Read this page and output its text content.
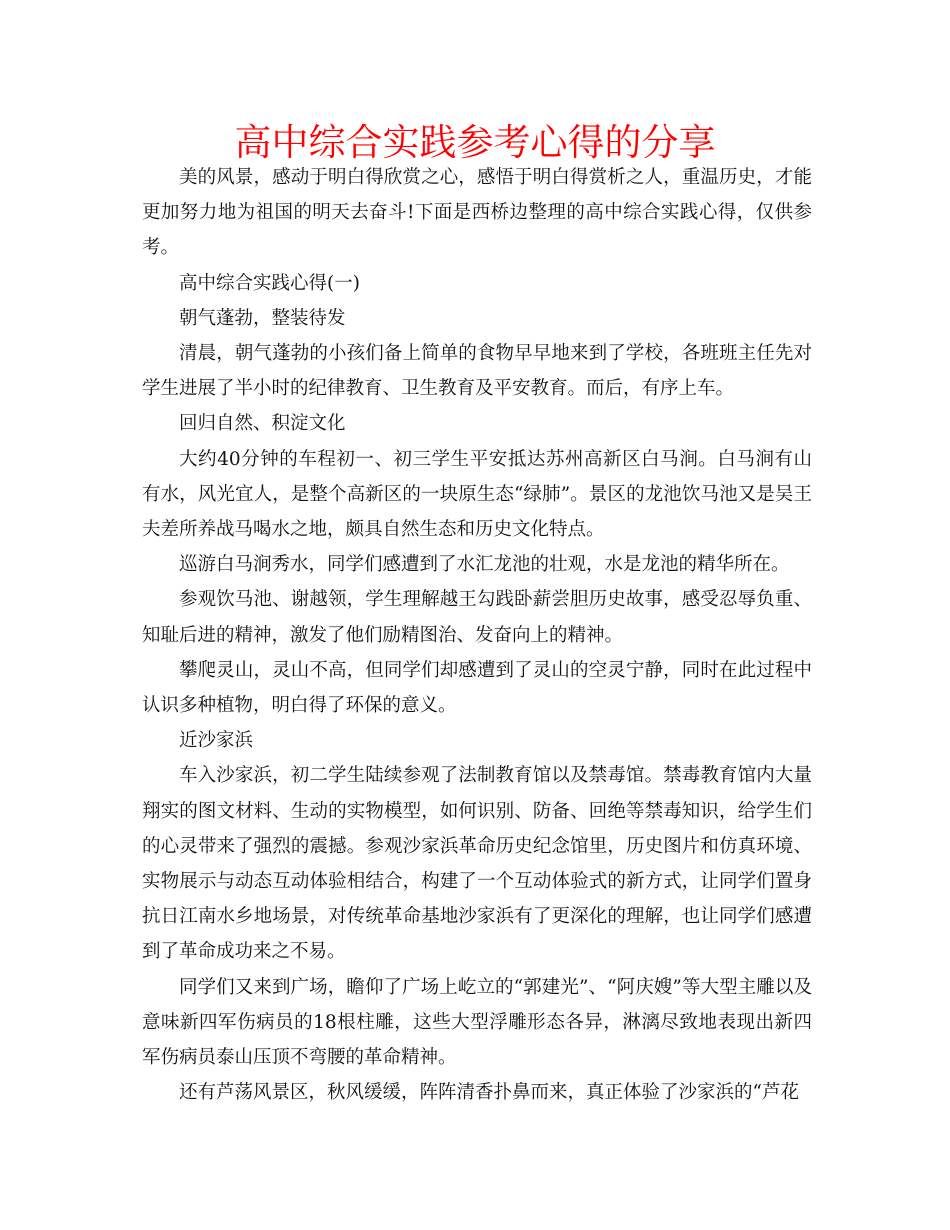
高中综合实践参考心得的分享

美的风景，感动于明白得欣赏之心，感悟于明白得赏析之人，重温历史，才能更加努力地为祖国的明天去奋斗!下面是西桥边整理的高中综合实践心得，仅供参考。

高中综合实践心得(一)

朝气蓬勃，整装待发

清晨，朝气蓬勃的小孩们备上简单的食物早早地来到了学校，各班班主任先对学生进展了半小时的纪律教育、卫生教育及平安教育。而后，有序上车。

回归自然、积淀文化

大约40分钟的车程初一、初三学生平安抵达苏州高新区白马涧。白马涧有山有水，风光宜人，是整个高新区的一块原生态“绿肺”。景区的龙池饮马池又是吴王夫差所养战马喝水之地，颇具自然生态和历史文化特点。

巡游白马涧秀水，同学们感遭到了水汇龙池的壮观，水是龙池的精华所在。

参观饮马池、谢越领，学生理解越王勾践卧薪尝胆历史故事，感受忍辱负重、知耻后进的精神，激发了他们励精图治、发奋向上的精神。

攀爬灵山，灵山不高，但同学们却感遭到了灵山的空灵宁静，同时在此过程中认识多种植物，明白得了环保的意义。

近沙家浜

车入沙家浜，初二学生陆续参观了法制教育馆以及禁毒馆。禁毒教育馆内大量翔实的图文材料、生动的实物模型，如何识别、防备、回绝等禁毒知识，给学生们的心灵带来了强烈的震撼。参观沙家浜革命历史纪念馆里，历史图片和仿真环境、实物展示与动态互动体验相结合，构建了一个互动体验式的新方式，让同学们置身抗日江南水乡地场景，对传统革命基地沙家浜有了更深化的理解，也让同学们感遭到了革命成功来之不易。

同学们又来到广场，瞻仰了广场上屹立的“郭建光”、“阿庆嫂”等大型主雕以及意味新四军伤病员的18根柱雕，这些大型浮雕形态各异，淋漓尽致地表现出新四军伤病员泰山压顶不弯腰的革命精神。

还有芦荡风景区，秋风缓缓，阵阵清香扑鼻而来，真正体验了沙家浜的“芦花
